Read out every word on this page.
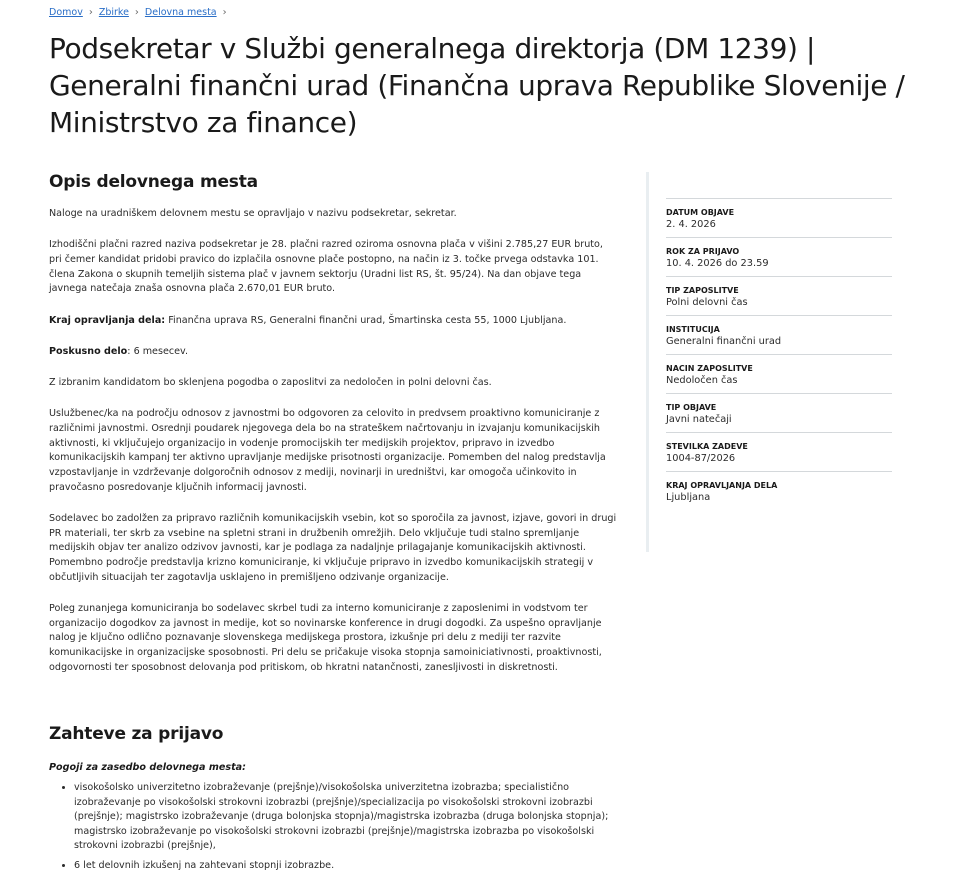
Domov › Zbirke › Delovna mesta ›
Podsekretar v Službi generalnega direktorja (DM 1239) | Generalni finančni urad (Finančna uprava Republike Slovenije / Ministrstvo za finance)
Opis delovnega mesta

Naloge na uradniškem delovnem mestu se opravljajo v nazivu podsekretar, sekretar.

Izhodiščni plačni razred naziva podsekretar je 28. plačni razred oziroma osnovna plača v višini 2.785,27 EUR bruto, pri čemer kandidat pridobi pravico do izplačila osnovne plače postopno, na način iz 3. točke prvega odstavka 101. člena Zakona o skupnih temeljih sistema plač v javnem sektorju (Uradni list RS, št. 95/24). Na dan objave tega javnega natečaja znaša osnovna plača 2.670,01 EUR bruto.

Kraj opravljanja dela: Finančna uprava RS, Generalni finančni urad, Šmartinska cesta 55, 1000 Ljubljana.

Poskusno delo: 6 mesecev.

Z izbranim kandidatom bo sklenjena pogodba o zaposlitvi za nedoločen in polni delovni čas.

Uslužbenec/ka na področju odnosov z javnostmi bo odgovoren za celovito in predvsem proaktivno komuniciranje z različnimi javnostmi. Osrednji poudarek njegovega dela bo na strateškem načrtovanju in izvajanju komunikacijskih aktivnosti, ki vključujejo organizacijo in vodenje promocijskih ter medijskih projektov, pripravo in izvedbo komunikacijskih kampanj ter aktivno upravljanje medijske prisotnosti organizacije. Pomemben del nalog predstavlja vzpostavljanje in vzdrževanje dolgoročnih odnosov z mediji, novinarji in uredništvi, kar omogoča učinkovito in pravočasno posredovanje ključnih informacij javnosti.

Sodelavec bo zadolžen za pripravo različnih komunikacijskih vsebin, kot so sporočila za javnost, izjave, govori in drugi PR materiali, ter skrb za vsebine na spletni strani in družbenih omrežjih. Delo vključuje tudi stalno spremljanje medijskih objav ter analizo odzivov javnosti, kar je podlaga za nadaljnje prilagajanje komunikacijskih aktivnosti. Pomembno področje predstavlja krizno komuniciranje, ki vključuje pripravo in izvedbo komunikacijskih strategij v občutljivih situacijah ter zagotavlja usklajeno in premišljeno odzivanje organizacije.

Poleg zunanjega komuniciranja bo sodelavec skrbel tudi za interno komuniciranje z zaposlenimi in vodstvom ter organizacijo dogodkov za javnost in medije, kot so novinarske konference in drugi dogodki. Za uspešno opravljanje nalog je ključno odlično poznavanje slovenskega medijskega prostora, izkušnje pri delu z mediji ter razvite komunikacijske in organizacijske sposobnosti. Pri delu se pričakuje visoka stopnja samoiniciativnosti, proaktivnosti, odgovornosti ter sposobnost delovanja pod pritiskom, ob hkratni natančnosti, zanesljivosti in diskretnosti.

Zahteve za prijavo

Pogoji za zasedbo delovnega mesta:

• visokošolsko univerzitetno izobraževanje (prejšnje)/visokošolska univerzitetna izobrazba; specialistično izobraževanje po visokošolski strokovni izobrazbi (prejšnje)/specializacija po visokošolski strokovni izobrazbi (prejšnje); magistrsko izobraževanje (druga bolonjska stopnja)/magistrska izobrazba (druga bolonjska stopnja); magistrsko izobraževanje po visokošolski strokovni izobrazbi (prejšnje)/magistrska izobrazba po visokošolski strokovni izobrazbi (prejšnje),
• 6 let delovnih izkušenj na zahtevani stopnji izobrazbe.
DATUM OBJAVE
2. 4. 2026
ROK ZA PRIJAVO
10. 4. 2026 do 23.59
TIP ZAPOSLITVE
Polni delovni čas
INSTITUCIJA
Generalni finančni urad
NACIN ZAPOSLITVE
Nedoločen čas
TIP OBJAVE
Javni natečaji
STEVILKA ZADEVE
1004-87/2026
KRAJ OPRAVLJANJA DELA
Ljubljana
